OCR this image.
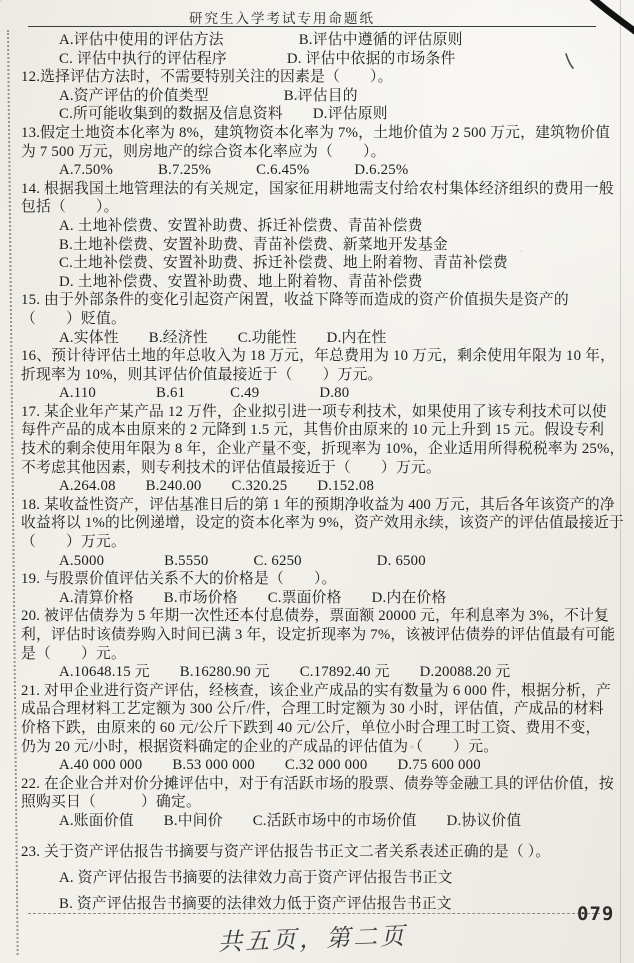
研究生入学考试专用命题纸
A.评估中使用的评估方法　　　　　B.评估中遵循的评估原则
C. 评估中执行的评估程序　　　　D. 评估中依据的市场条件
12.选择评估方法时，不需要特别关注的因素是（　　）。
A.资产评估的价值类型　　　　　B.评估目的
C.所可能收集到的数据及信息资料　　D.评估原则
13.假定土地资本化率为 8%，建筑物资本化率为 7%，土地价值为 2 500 万元，建筑物价值
为 7 500 万元，则房地产的综合资本化率应为（　　）。
A.7.50%　　　B.7.25%　　　C.6.45%　　　D.6.25%
14. 根据我国土地管理法的有关规定，国家征用耕地需支付给农村集体经济组织的费用一般
包括（　　）。
A. 土地补偿费、安置补助费、拆迁补偿费、青苗补偿费
B.土地补偿费、安置补助费、青苗补偿费、新菜地开发基金
C.土地补偿费、安置补助费、拆迁补偿费、地上附着物、青苗补偿费
D. 土地补偿费、安置补助费、地上附着物、青苗补偿费
15. 由于外部条件的变化引起资产闲置，收益下降等而造成的资产价值损失是资产的
（　　）贬值。
A.实体性　　B.经济性　　C.功能性　　D.内在性
16、预计待评估土地的年总收入为 18 万元，年总费用为 10 万元，剩余使用年限为 10 年，
折现率为 10%，则其评估价值最接近于（　　）万元。
A.110　　　　B.61　　　C.49　　　　D.80
17. 某企业年产某产品 12 万件，企业拟引进一项专利技术，如果使用了该专利技术可以使
每件产品的成本由原来的 2 元降到 1.5 元，其售价由原来的 10 元上升到 15 元。假设专利
技术的剩余使用年限为 8 年，企业产量不变，折现率为 10%，企业适用所得税税率为 25%，
不考虑其他因素，则专利技术的评估值最接近于（　　）万元。
A.264.08　　B.240.00　　C.320.25　　D.152.08
18. 某收益性资产，评估基准日后的第 1 年的预期净收益为 400 万元，其后各年该资产的净
收益将以 1%的比例递增，设定的资本化率为 9%，资产效用永续，该资产的评估值最接近于
（　　）万元。
A.5000　　　　B.5550　　　C. 6250　　　　　D. 6500
19. 与股票价值评估关系不大的价格是（　　）。
A.清算价格　　B.市场价格　　C.票面价格　　D.内在价格
20. 被评估债券为 5 年期一次性还本付息债券，票面额 20000 元，年利息率为 3%，不计复
利，评估时该债券购入时间已满 3 年，设定折现率为 7%，该被评估债券的评估值最有可能
是（　　）元。
A.10648.15 元　　B.16280.90 元　　C.17892.40 元　　D.20088.20 元
21. 对甲企业进行资产评估，经核查，该企业产成品的实有数量为 6 000 件，根据分析，产
成品合理材料工艺定额为 300 公斤/件，合理工时定额为 30 小时，评估值，产成品的材料
价格下跌，由原来的 60 元/公斤下跌到 40 元/公斤，单位小时合理工时工资、费用不变，
仍为 20 元/小时，根据资料确定的企业的产成品的评估值为（　　）元。
A.40 000 000　　B.53 000 000　　C.32 000 000　　D.75 600 000
22. 在企业合并对价分摊评估中，对于有活跃市场的股票、债券等金融工具的评估价值，按
照购买日（　　　）确定。
A.账面价值　　B.中间价　　C.活跃市场中的市场价值　　D.协议价值
23. 关于资产评估报告书摘要与资产评估报告书正文二者关系表述正确的是（ ）。
A. 资产评估报告书摘要的法律效力高于资产评估报告书正文
B. 资产评估报告书摘要的法律效力低于资产评估报告书正文	079
共五页，第二页
